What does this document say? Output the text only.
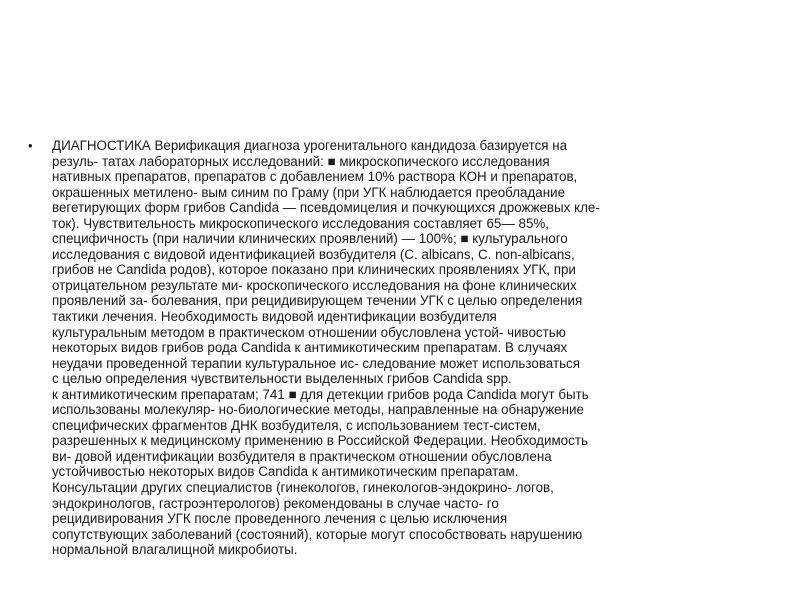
• ДИАГНОСТИКА Верификация диагноза урогенитального кандидоза базируется на
резуль- татах лабораторных исследований: ■ микроскопического исследования
нативных препаратов, препаратов с добавлением 10% раствора КОН и препаратов,
окрашенных метилено- вым синим по Граму (при УГК наблюдается преобладание
вегетирующих форм грибов Candida — псевдомицелия и почкующихся дрожжевых кле-
ток). Чувствительность микроскопического исследования составляет 65— 85%,
специфичность (при наличии клинических проявлений) — 100%; ■ культурального
исследования с видовой идентификацией возбудителя (C. albicans, C. non-albicans,
грибов не Candida родов), которое показано при клинических проявлениях УГК, при
отрицательном результате ми- кроскопического исследования на фоне клинических
проявлений за- болевания, при рецидивирующем течении УГК с целью определения
тактики лечения. Необходимость видовой идентификации возбудителя
культуральным методом в практическом отношении обусловлена устой- чивостью
некоторых видов грибов рода Candida к антимикотическим препаратам. В случаях
неудачи проведенной терапии культуральное ис- следование может использоваться
с целью определения чувствительности выделенных грибов Candida spp.
к антимикотическим препаратам; 741 ■ для детекции грибов рода Candida могут быть
использованы молекуляр- но-биологические методы, направленные на обнаружение
специфических фрагментов ДНК возбудителя, с использованием тест-систем,
разрешенных к медицинскому применению в Российской Федерации. Необходимость
ви- довой идентификации возбудителя в практическом отношении обусловлена
устойчивостью некоторых видов Candida к антимикотическим препаратам.
Консультации других специалистов (гинекологов, гинекологов-эндокрино- логов,
эндокринологов, гастроэнтерологов) рекомендованы в случае часто- го
рецидивирования УГК после проведенного лечения с целью исключения
сопутствующих заболеваний (состояний), которые могут способствовать нарушению
нормальной влагалищной микробиоты.
